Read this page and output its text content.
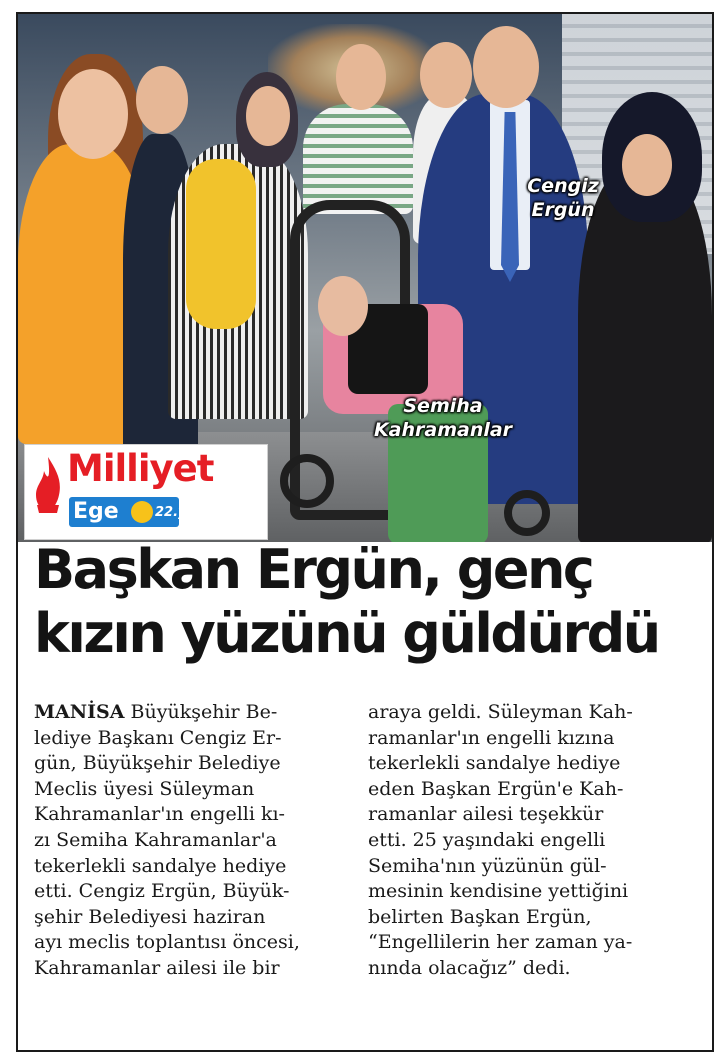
Cengiz
Ergün
Semiha
Kahramanlar
Milliyet
Ege	22.yıl
Başkan Ergün, genç
kızın yüzünü güldürdü
MANİSA Büyükşehir Be-
lediye Başkanı Cengiz Er-
gün, Büyükşehir Belediye
Meclis üyesi Süleyman
Kahramanlar'ın engelli kı-
zı Semiha Kahramanlar'a
tekerlekli sandalye hediye
etti. Cengiz Ergün, Büyük-
şehir Belediyesi haziran
ayı meclis toplantısı öncesi,
Kahramanlar ailesi ile bir
araya geldi. Süleyman Kah-
ramanlar'ın engelli kızına
tekerlekli sandalye hediye
eden Başkan Ergün'e Kah-
ramanlar ailesi teşekkür
etti. 25 yaşındaki engelli
Semiha'nın yüzünün gül-
mesinin kendisine yettiğini
belirten Başkan Ergün,
“Engellilerin her zaman ya-
nında olacağız” dedi.
